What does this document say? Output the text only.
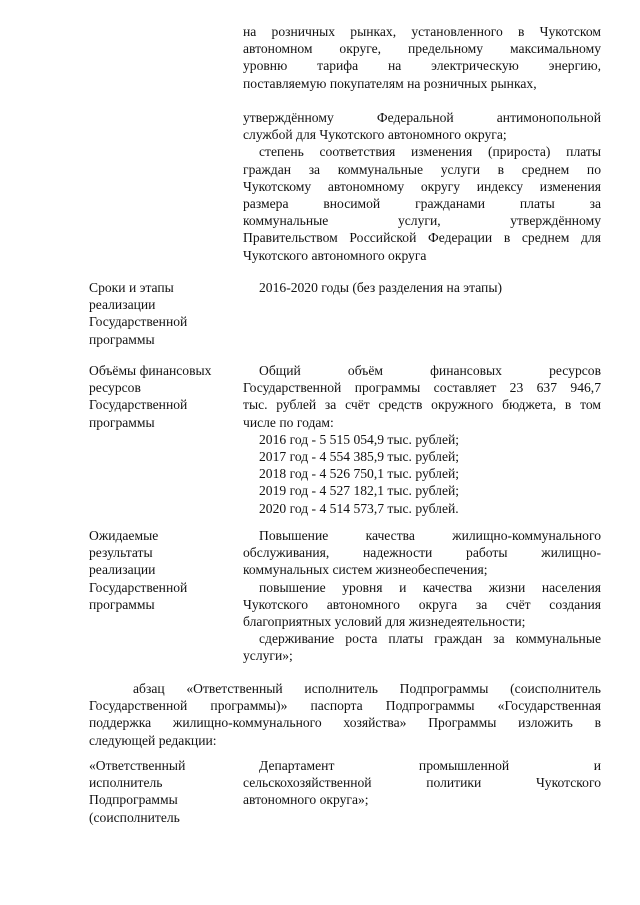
на розничных рынках, установленного в Чукотском

автономном округе, предельному максимальному

уровню тарифа на электрическую энергию,

поставляемую покупателям на розничных рынках,

утверждённому Федеральной антимонопольной

службой для Чукотского автономного округа;

степень соответствия изменения (прироста) платы

граждан за коммунальные услуги в среднем по

Чукотскому автономному округу индексу изменения

размера вносимой гражданами платы за

коммунальные услуги, утверждённому

Правительством Российской Федерации в среднем для

Чукотского автономного округа

Сроки и этапы

реализации

Государственной

программы

2016-2020 годы (без разделения на этапы)

Объёмы финансовых

ресурсов

Государственной

программы

Общий объём финансовых ресурсов

Государственной программы составляет 23 637 946,7

тыс. рублей за счёт средств окружного бюджета, в том

числе по годам:

2016 год - 5 515 054,9 тыс. рублей;

2017 год - 4 554 385,9 тыс. рублей;

2018 год - 4 526 750,1 тыс. рублей;

2019 год - 4 527 182,1 тыс. рублей;

2020 год - 4 514 573,7 тыс. рублей.

Ожидаемые

результаты

реализации

Государственной

программы

Повышение качества жилищно-коммунального

обслуживания, надежности работы жилищно-

коммунальных систем жизнеобеспечения;

повышение уровня и качества жизни населения

Чукотского автономного округа за счёт создания

благоприятных условий для жизнедеятельности;

сдерживание роста платы граждан за коммунальные

услуги»;

абзац «Ответственный исполнитель Подпрограммы (соисполнитель

Государственной программы)» паспорта Подпрограммы «Государственная

поддержка жилищно-коммунального хозяйства» Программы изложить в

следующей редакции:

«Ответственный

исполнитель

Подпрограммы

(соисполнитель

Департамент промышленной и

сельскохозяйственной политики Чукотского

автономного округа»;
